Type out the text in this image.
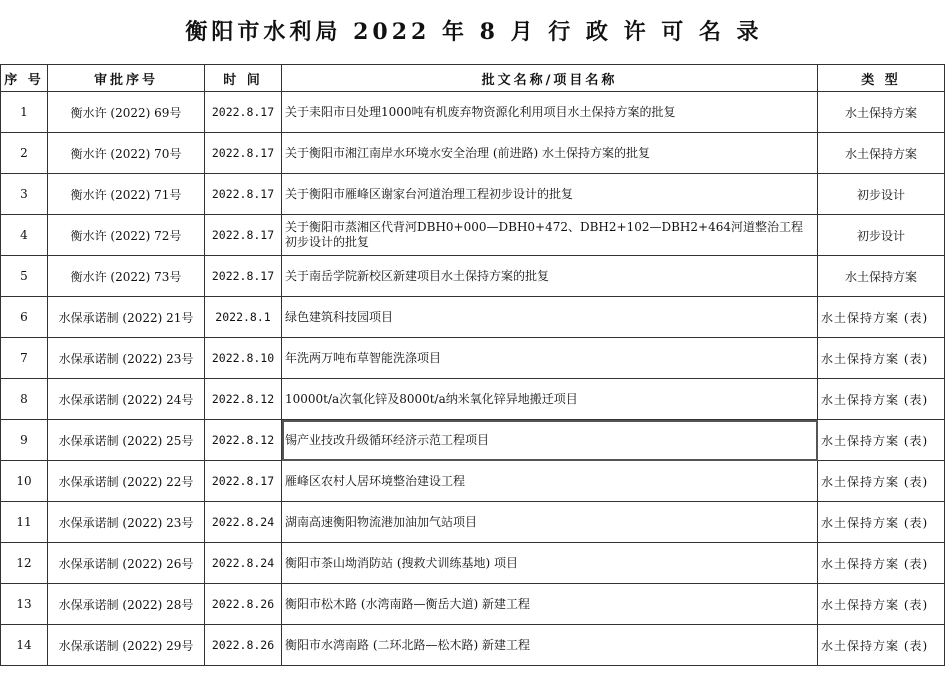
衡阳市水利局 2022 年 8 月 行 政 许 可 名 录
序 号	审批序号	时 间	批文名称/项目名称	类 型
1	衡水许 (2022) 69号	2022.8.17	关于耒阳市日处理1000吨有机废弃物资源化利用项目水土保持方案的批复	水土保持方案
2	衡水许 (2022) 70号	2022.8.17	关于衡阳市湘江南岸水环境水安全治理 (前进路) 水土保持方案的批复	水土保持方案
3	衡水许 (2022) 71号	2022.8.17	关于衡阳市雁峰区谢家台河道治理工程初步设计的批复	初步设计
4	衡水许 (2022) 72号	2022.8.17	关于衡阳市蒸湘区代背河DBH0+000—DBH0+472、DBH2+102—DBH2+464河道整治工程初步设计的批复	初步设计
5	衡水许 (2022) 73号	2022.8.17	关于南岳学院新校区新建项目水土保持方案的批复	水土保持方案
6	水保承诺制 (2022) 21号	2022.8.1	绿色建筑科技园项目	水土保持方案 (表)
7	水保承诺制 (2022) 23号	2022.8.10	年洗两万吨布草智能洗涤项目	水土保持方案 (表)
8	水保承诺制 (2022) 24号	2022.8.12	10000t/a次氧化锌及8000t/a纳米氧化锌异地搬迁项目	水土保持方案 (表)
9	水保承诺制 (2022) 25号	2022.8.12	锡产业技改升级循环经济示范工程项目	水土保持方案 (表)
10	水保承诺制 (2022) 22号	2022.8.17	雁峰区农村人居环境整治建设工程	水土保持方案 (表)
11	水保承诺制 (2022) 23号	2022.8.24	湖南高速衡阳物流港加油加气站项目	水土保持方案 (表)
12	水保承诺制 (2022) 26号	2022.8.24	衡阳市茶山坳消防站 (搜救犬训练基地) 项目	水土保持方案 (表)
13	水保承诺制 (2022) 28号	2022.8.26	衡阳市松木路 (水湾南路—衡岳大道) 新建工程	水土保持方案 (表)
14	水保承诺制 (2022) 29号	2022.8.26	衡阳市水湾南路 (二环北路—松木路) 新建工程	水土保持方案 (表)
